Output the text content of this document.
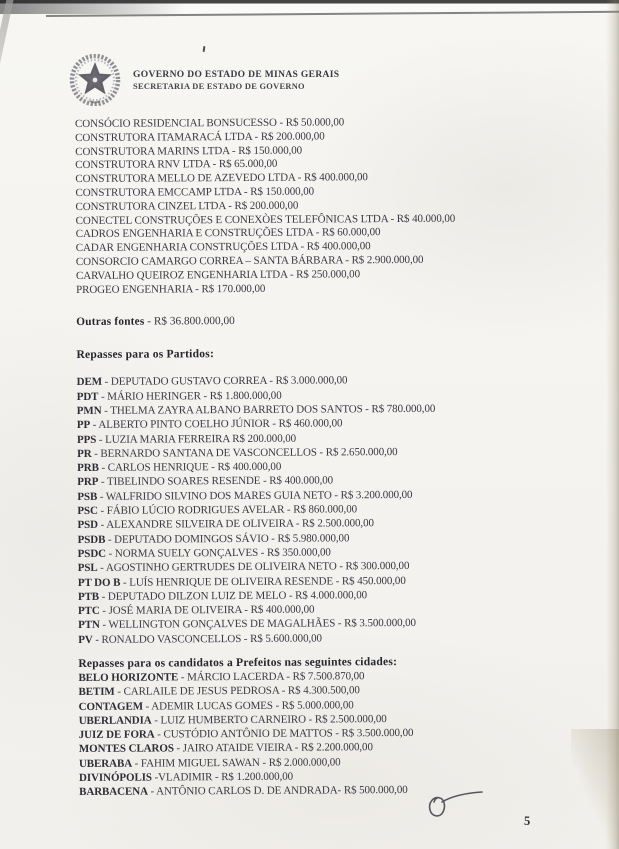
GOVERNO DO ESTADO DE MINAS GERAIS
SECRETARIA DE ESTADO DE GOVERNO
CONSÓCIO RESIDENCIAL BONSUCESSO - R$ 50.000,00
CONSTRUTORA ITAMARACÁ LTDA - R$ 200.000,00
CONSTRUTORA MARINS LTDA - R$ 150.000,00
CONSTRUTORA RNV LTDA - R$ 65.000,00
CONSTRUTORA MELLO DE AZEVEDO LTDA - R$ 400.000,00
CONSTRUTORA EMCCAMP LTDA - R$ 150.000,00
CONSTRUTORA CINZEL LTDA - R$ 200.000,00
CONECTEL CONSTRUÇÕES E CONEXÒES TELEFÔNICAS LTDA - R$ 40.000,00
CADROS ENGENHARIA E CONSTRUÇÕES LTDA - R$ 60.000,00
CADAR ENGENHARIA CONSTRUÇÕES LTDA - R$ 400.000,00
CONSORCIO CAMARGO CORREA – SANTA BÁRBARA - R$ 2.900.000,00
CARVALHO QUEIROZ ENGENHARIA LTDA - R$ 250.000,00
PROGEO ENGENHARIA - R$ 170.000,00

Outras fontes - R$ 36.800.000,00

Repasses para os Partidos:
DEM - DEPUTADO GUSTAVO CORREA - R$ 3.000.000,00
PDT - MÁRIO HERINGER - R$ 1.800.000,00
PMN - THELMA ZAYRA ALBANO BARRETO DOS SANTOS - R$ 780.000,00
PP - ALBERTO PINTO COELHO JÚNIOR - R$ 460.000,00
PPS - LUZIA MARIA FERREIRA R$ 200.000,00
PR - BERNARDO SANTANA DE VASCONCELLOS - R$ 2.650.000,00
PRB - CARLOS HENRIQUE - R$ 400.000,00
PRP - TIBELINDO SOARES RESENDE - R$ 400.000,00
PSB - WALFRIDO SILVINO DOS MARES GUIA NETO - R$ 3.200.000,00
PSC - FÁBIO LÚCIO RODRIGUES AVELAR - R$ 860.000,00
PSD - ALEXANDRE SILVEIRA DE OLIVEIRA - R$ 2.500.000,00
PSDB - DEPUTADO DOMINGOS SÁVIO - R$ 5.980.000,00
PSDC - NORMA SUELY GONÇALVES - R$ 350.000,00
PSL - AGOSTINHO GERTRUDES DE OLIVEIRA NETO - R$ 300.000,00
PT DO B - LUÍS HENRIQUE DE OLIVEIRA RESENDE - R$ 450.000,00
PTB - DEPUTADO DILZON LUIZ DE MELO - R$ 4.000.000,00
PTC - JOSÉ MARIA DE OLIVEIRA - R$ 400.000,00
PTN - WELLINGTON GONÇALVES DE MAGALHÃES - R$ 3.500.000,00
PV - RONALDO VASCONCELLOS - R$ 5.600.000,00
Repasses para os candidatos a Prefeitos nas seguintes cidades:
BELO HORIZONTE - MÁRCIO LACERDA - R$ 7.500.870,00
BETIM - CARLAILE DE JESUS PEDROSA - R$ 4.300.500,00
CONTAGEM - ADEMIR LUCAS GOMES - R$ 5.000.000,00
UBERLANDIA - LUIZ HUMBERTO CARNEIRO - R$ 2.500.000,00
JUIZ DE FORA - CUSTÓDIO ANTÔNIO DE MATTOS - R$ 3.500.000,00
MONTES CLAROS - JAIRO ATAIDE VIEIRA - R$ 2.200.000,00
UBERABA - FAHIM MIGUEL SAWAN - R$ 2.000.000,00
DIVINÓPOLIS -VLADIMIR - R$ 1.200.000,00
BARBACENA - ANTÔNIO CARLOS D. DE ANDRADA- R$ 500.000,00
5
